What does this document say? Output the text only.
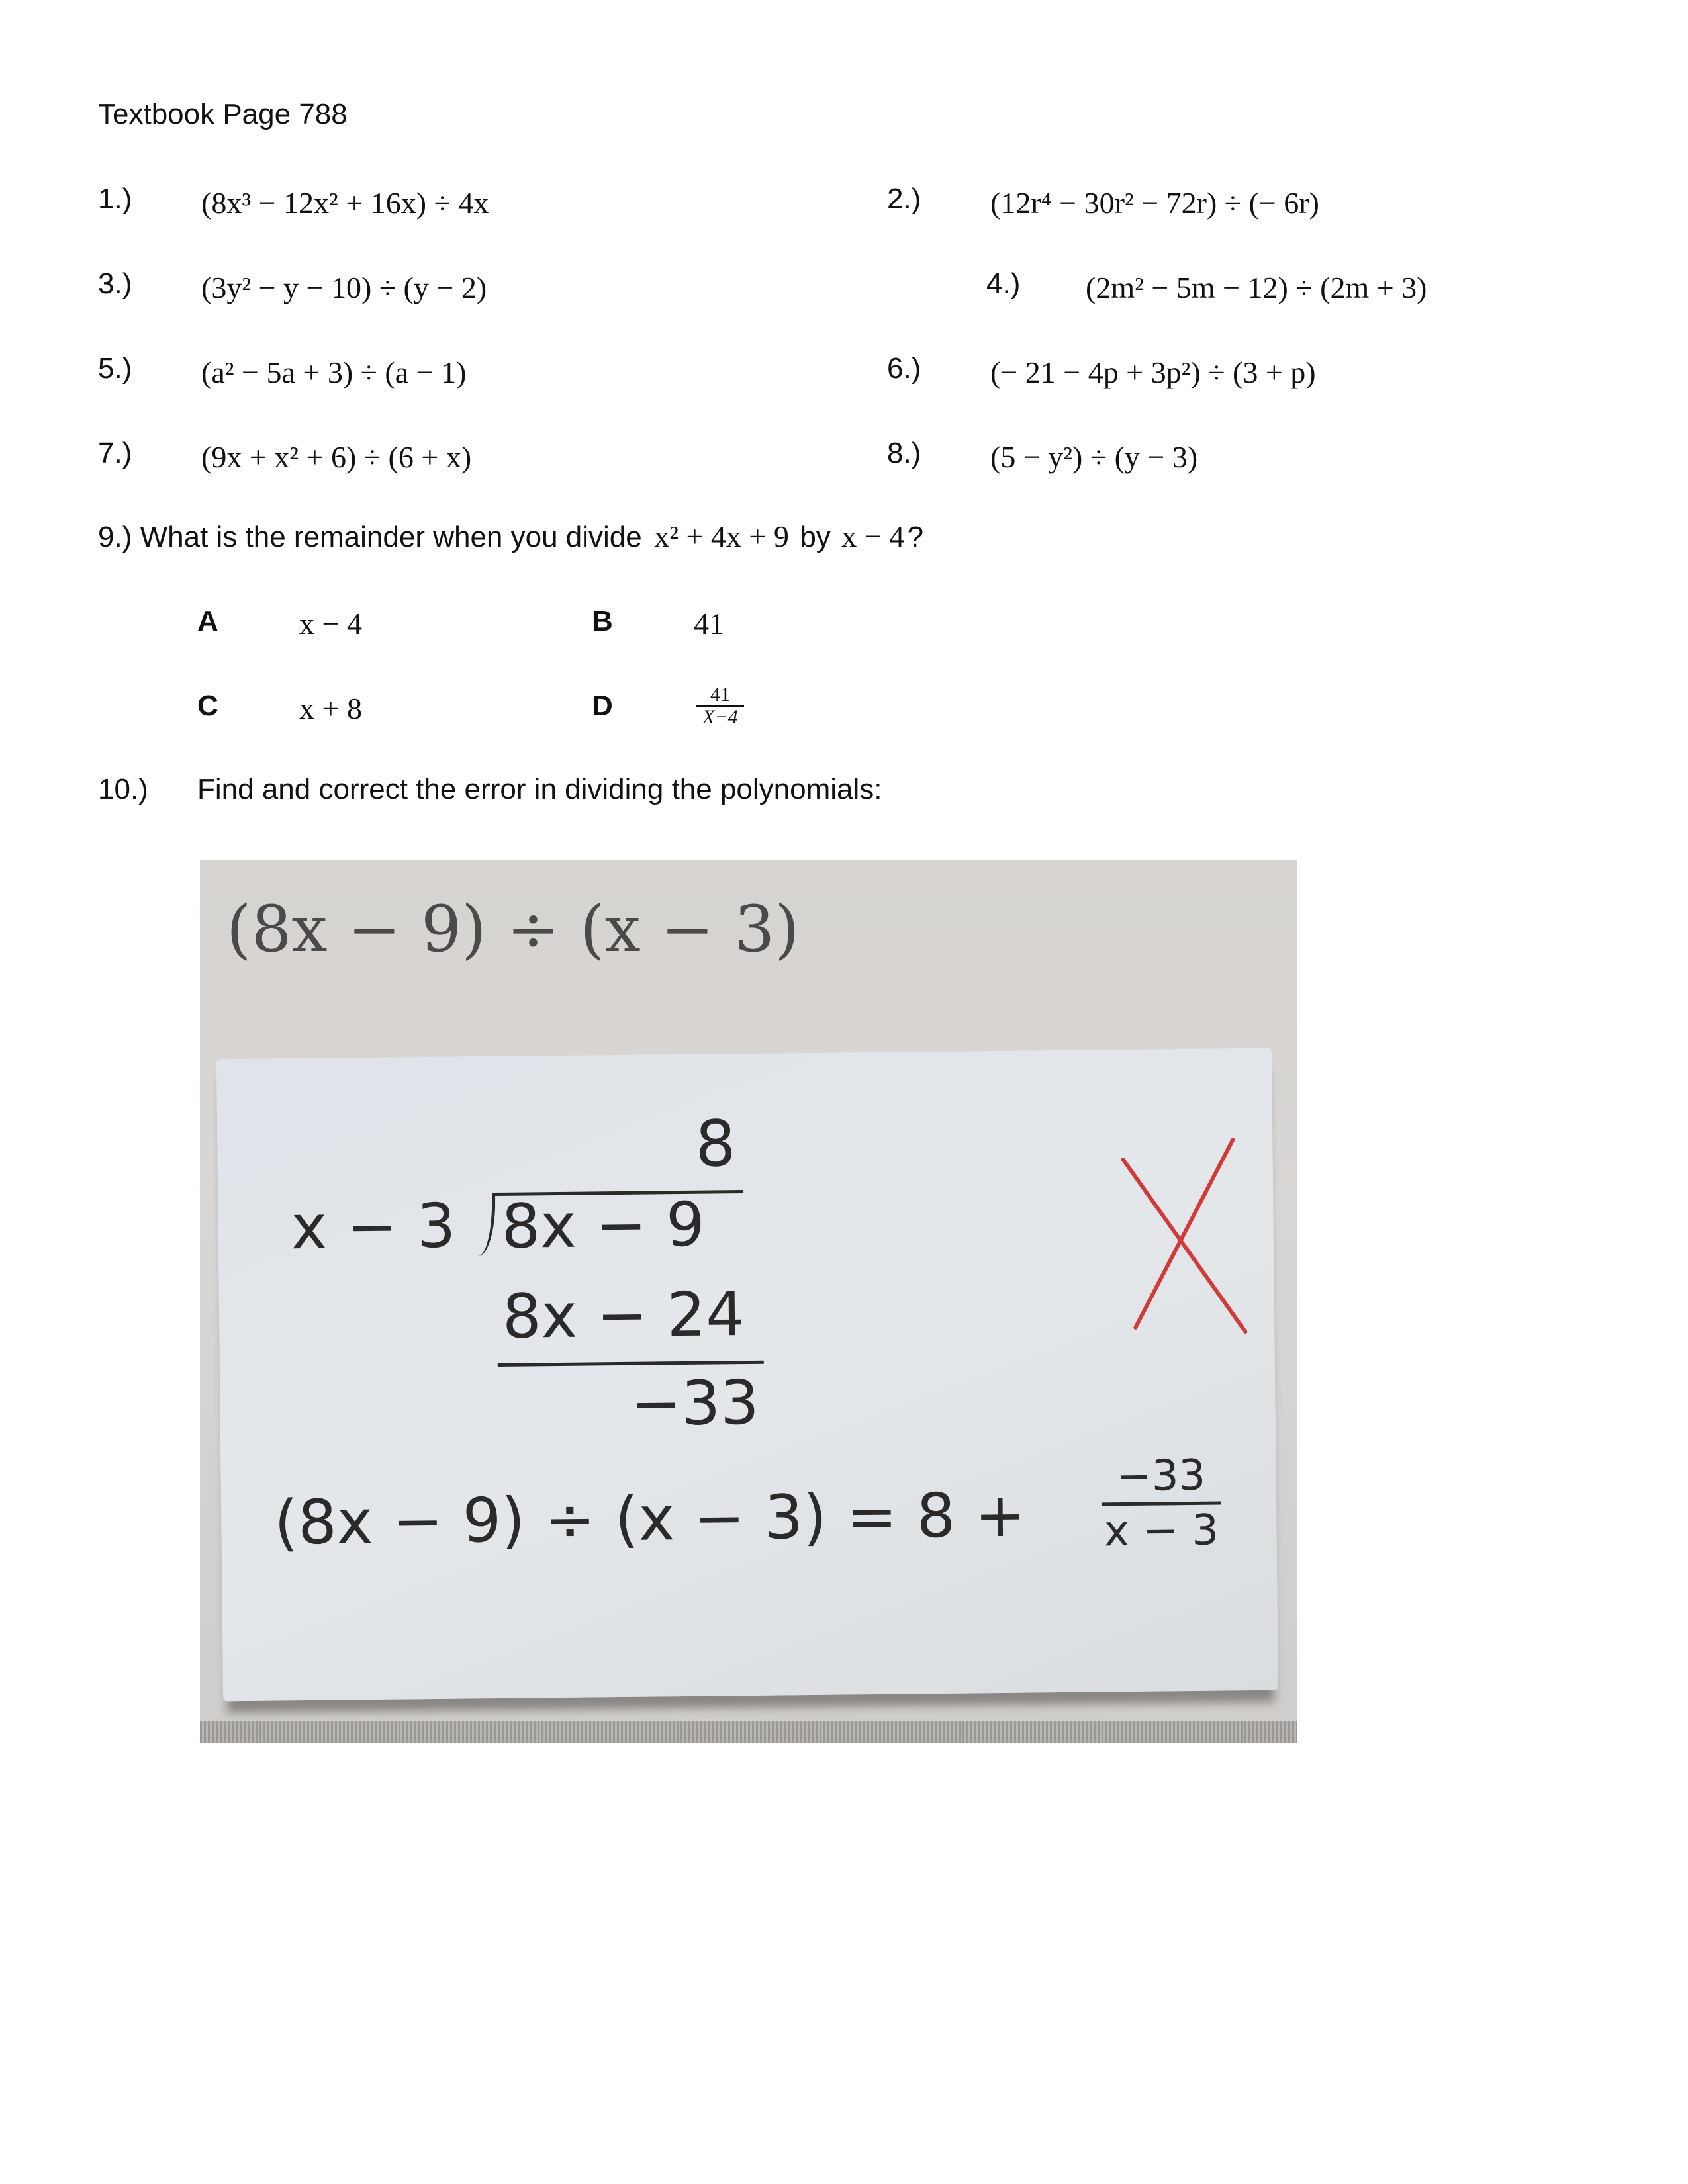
Textbook Page 788
1.) (8x³ − 12x² + 16x) ÷ 4x	2.) (12r⁴ − 30r² − 72r) ÷ (− 6r)
3.) (3y² − y − 10) ÷ (y − 2)	4.) (2m² − 5m − 12) ÷ (2m + 3)
5.) (a² − 5a + 3) ÷ (a − 1)	6.) (− 21 − 4p + 3p²) ÷ (3 + p)
7.) (9x + x² + 6) ÷ (6 + x)	8.) (5 − y²) ÷ (y − 3)
9.) What is the remainder when you divide x² + 4x + 9 by x − 4 ?
A	x − 4	B	41
C	x + 8	D	$\frac{41}{X-4}$
10.) Find and correct the error in dividing the polynomials:
(8x − 9) ÷ (x − 3)
8
x − 3 8x − 9
8x − 24
−33
$(8x - 9) \div (x - 3) = 8 + \frac{-33}{x - 3}$
